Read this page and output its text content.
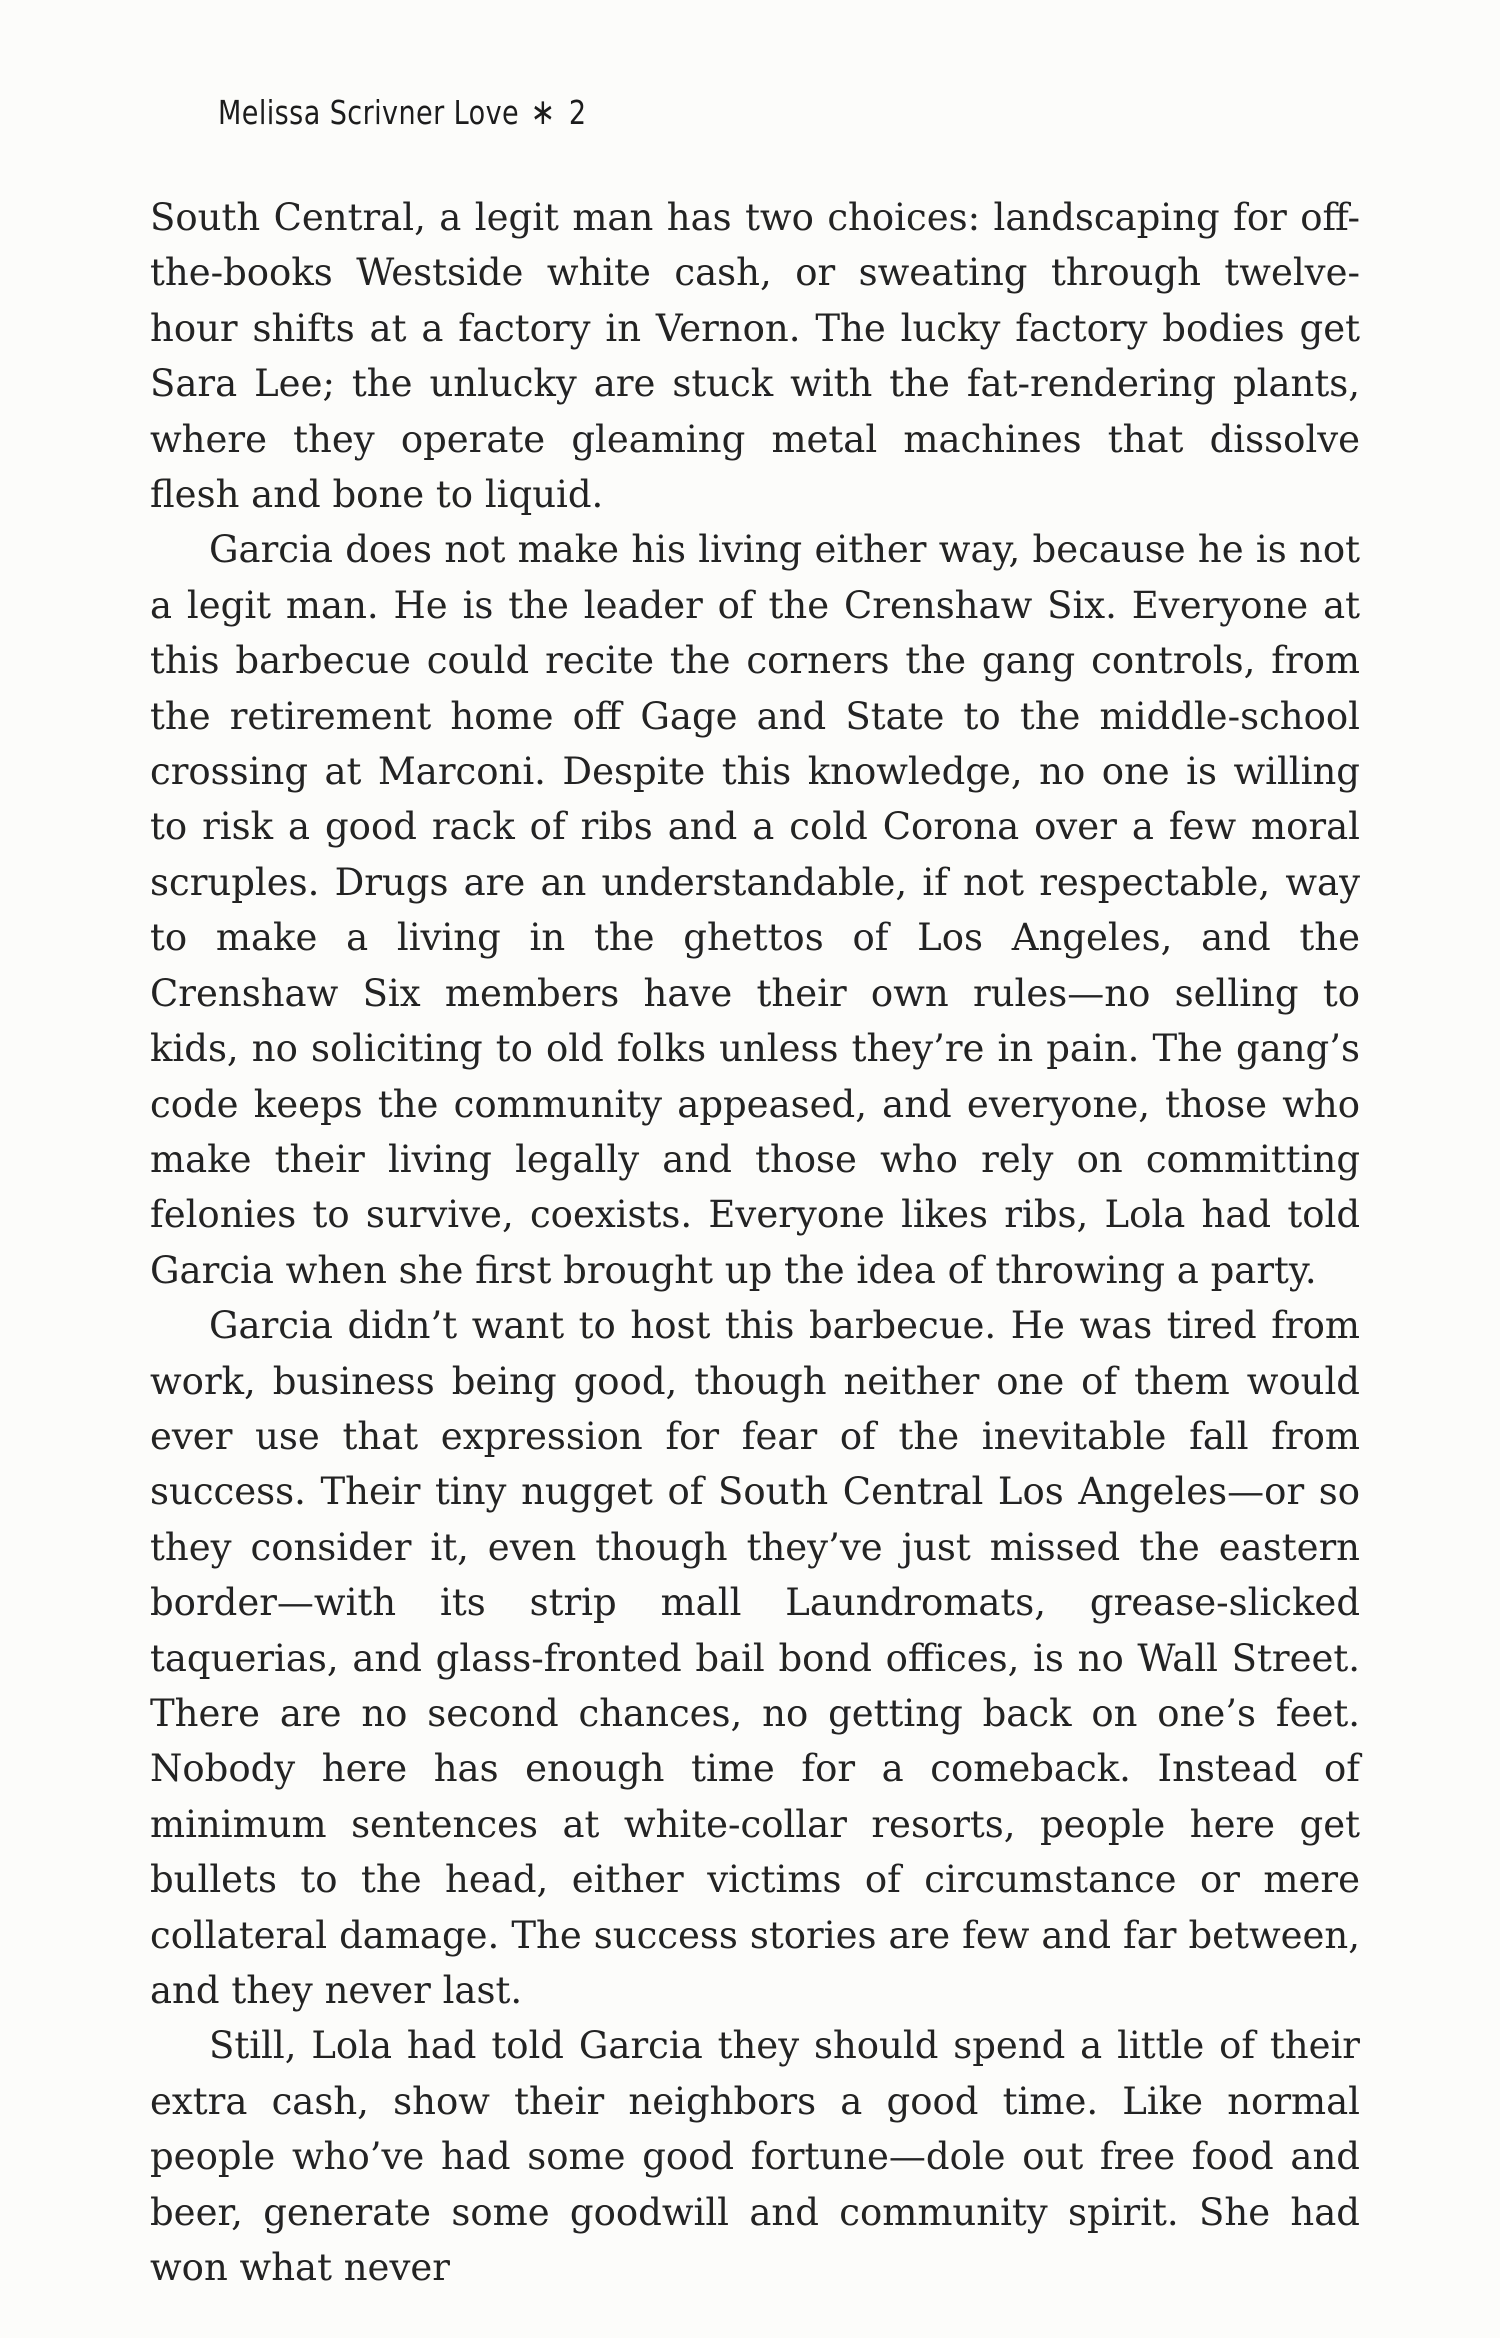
Melissa Scrivner Love ∗ 2

South Central, a legit man has two choices: landscaping for off-the-books Westside white cash, or sweating through twelve-hour shifts at a factory in Vernon. The lucky factory bodies get Sara Lee; the unlucky are stuck with the fat-rendering plants, where they operate gleaming metal machines that dissolve flesh and bone to liquid.

Garcia does not make his living either way, because he is not a legit man. He is the leader of the Crenshaw Six. Everyone at this barbecue could recite the corners the gang controls, from the retirement home off Gage and State to the middle-school crossing at Marconi. Despite this knowledge, no one is willing to risk a good rack of ribs and a cold Corona over a few moral scruples. Drugs are an understandable, if not respectable, way to make a living in the ghettos of Los Angeles, and the Crenshaw Six members have their own rules—no selling to kids, no soliciting to old folks unless they’re in pain. The gang’s code keeps the community appeased, and everyone, those who make their living legally and those who rely on committing felonies to survive, coexists. Everyone likes ribs, Lola had told Garcia when she first brought up the idea of throwing a party.

Garcia didn’t want to host this barbecue. He was tired from work, business being good, though neither one of them would ever use that expression for fear of the inevitable fall from success. Their tiny nugget of South Central Los Angeles—or so they consider it, even though they’ve just missed the eastern border—with its strip mall Laundromats, grease-slicked taquerias, and glass-fronted bail bond offices, is no Wall Street. There are no second chances, no getting back on one’s feet. Nobody here has enough time for a comeback. Instead of minimum sentences at white-collar resorts, people here get bullets to the head, either victims of circumstance or mere collateral damage. The success stories are few and far between, and they never last.

Still, Lola had told Garcia they should spend a little of their extra cash, show their neighbors a good time. Like normal people who’ve had some good fortune—dole out free food and beer, generate some goodwill and community spirit. She had won what never
